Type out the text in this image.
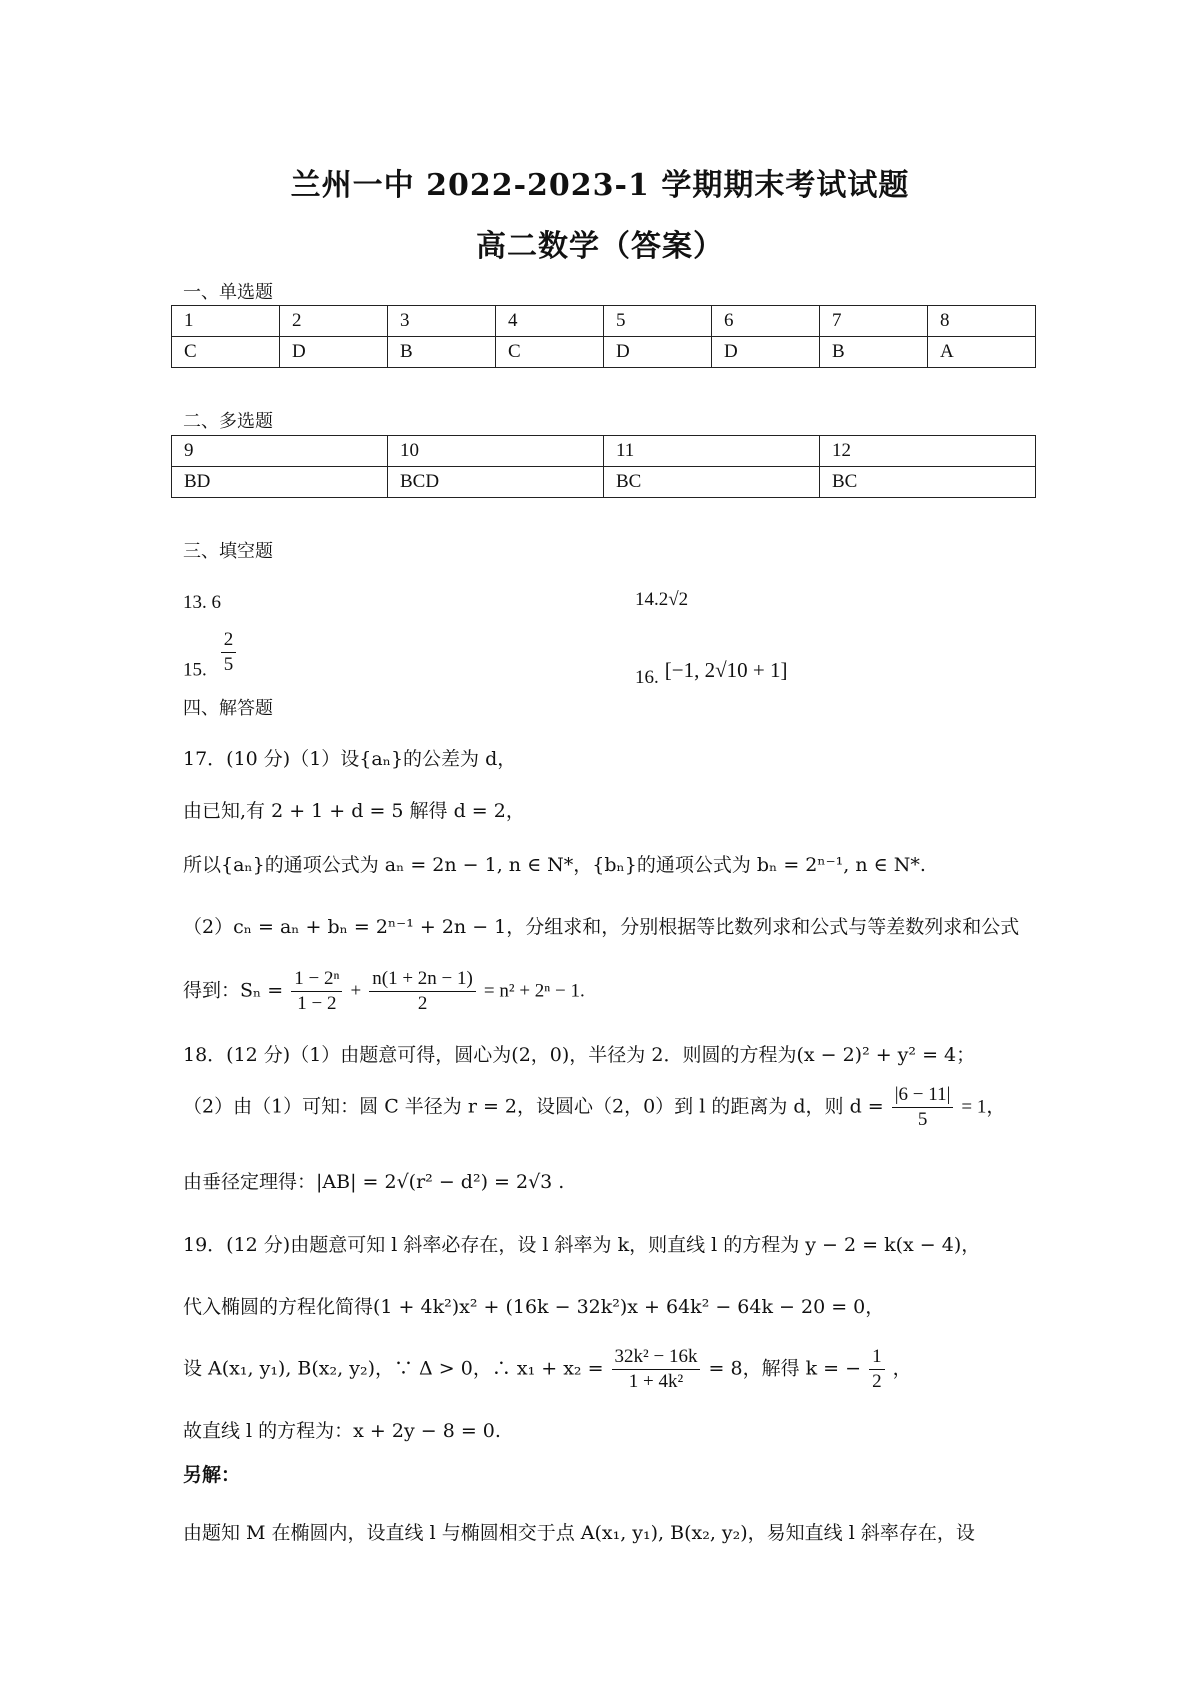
兰州一中 2022-2023-1 学期期末考试试题
高二数学（答案）
一、单选题
1	2	3	4	5	6	7	8
C	D	B	C	D	D	B	A
二、多选题
9	10	11	12
BD	BCD	BC	BC
三、填空题
13. 6	14.2√2
15. $\frac{2}{5}$
16. [−1, 2√10 + 1]
四、解答题
17．(10 分)（1）设{aₙ}的公差为 d，
由已知,有 2 + 1 + d = 5 解得 d = 2，
所以{aₙ}的通项公式为 aₙ = 2n − 1, n ∈ N*，{bₙ}的通项公式为 bₙ = 2ⁿ⁻¹, n ∈ N*.
（2）cₙ = aₙ + bₙ = 2ⁿ⁻¹ + 2n − 1，分组求和，分别根据等比数列求和公式与等差数列求和公式
得到：$S_n = \frac{\text{1 − 2ⁿ}}{1 - 2} + \frac{n(1 + 2n - 1)}{2} = n^2 + 2^n - 1$.
18．(12 分)（1）由题意可得，圆心为(2，0)，半径为 2．则圆的方程为(x − 2)² + y² = 4；
（2）由（1）可知：圆 C 半径为 r = 2，设圆心（2，0）到 l 的距离为 d，则 $d = \frac{|6 - 11|}{5} = 1$，
由垂径定理得：|AB| = 2√(r² − d²) = 2√3 .
19．(12 分)由题意可知 l 斜率必存在，设 l 斜率为 k，则直线 l 的方程为 y − 2 = k(x − 4)，
代入椭圆的方程化简得(1 + 4k²)x² + (16k − 32k²)x + 64k² − 64k − 20 = 0，
设 A(x₁, y₁), B(x₂, y₂)，∵ Δ > 0，∴ $x_1 + x_2 = \frac{\text{32k² − 16k}}{\text{1 + 4k²}} = 8$，解得 k = − $\frac{1}{2}$ ，
故直线 l 的方程为：x + 2y − 8 = 0.
另解：
由题知 M 在椭圆内，设直线 l 与椭圆相交于点 A(x₁, y₁), B(x₂, y₂)，易知直线 l 斜率存在，设
